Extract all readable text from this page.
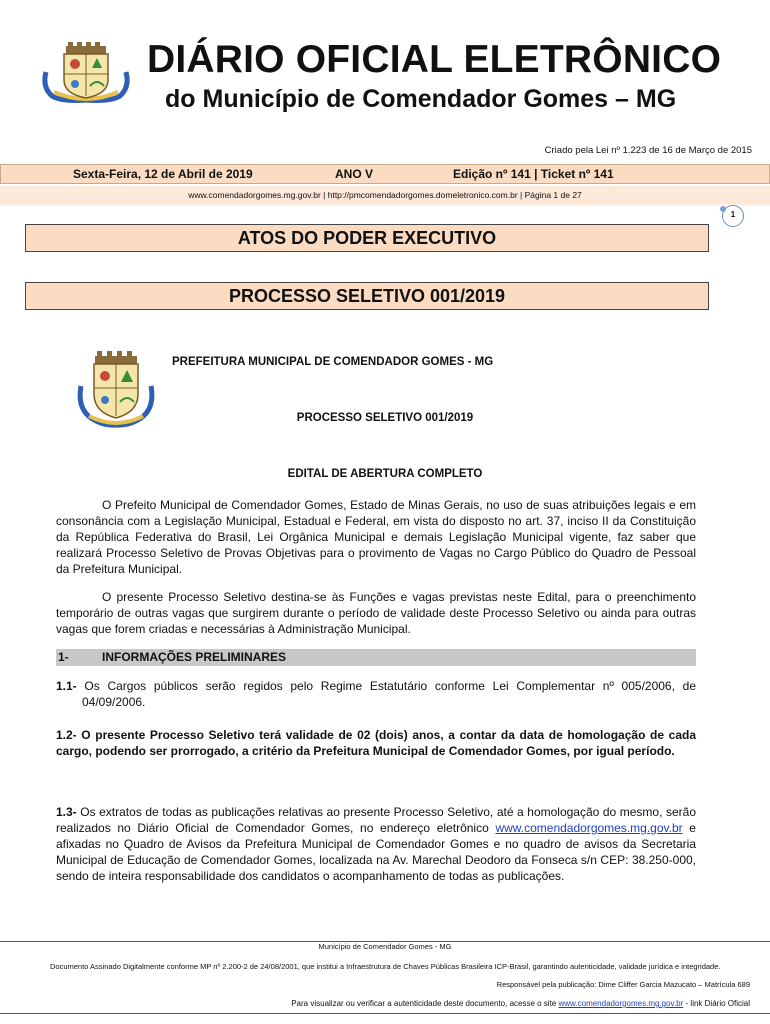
DIÁRIO OFICIAL ELETRÔNICO
do Município de Comendador Gomes – MG
Criado pela Lei nº 1.223 de 16 de Março de 2015
Sexta-Feira, 12 de Abril de 2019	ANO V	Edição nº 141 | Ticket nº 141
www.comendadorgomes.mg.gov.br | http://pmcomendadorgomes.domeletronico.com.br | Página 1 de 27
1
ATOS DO PODER EXECUTIVO
PROCESSO SELETIVO 001/2019
PREFEITURA MUNICIPAL DE COMENDADOR GOMES - MG
PROCESSO SELETIVO 001/2019
EDITAL DE ABERTURA COMPLETO
O Prefeito Municipal de Comendador Gomes, Estado de Minas Gerais, no uso de suas atribuições legais e em consonância com a Legislação Municipal, Estadual e Federal, em vista do disposto no art. 37, inciso II da Constituição da República Federativa do Brasil, Lei Orgânica Municipal e demais Legislação Municipal vigente, faz saber que realizará Processo Seletivo de Provas Objetivas para o provimento de Vagas no Cargo Público do Quadro de Pessoal da Prefeitura Municipal.
O presente Processo Seletivo destina-se às Funções e vagas previstas neste Edital, para o preenchimento temporário de outras vagas que surgirem durante o período de validade deste Processo Seletivo ou ainda para outras vagas que forem criadas e necessárias à Administração Municipal.
1-	INFORMAÇÕES PRELIMINARES
1.1- Os Cargos públicos serão regidos pelo Regime Estatutário conforme Lei Complementar nº 005/2006, de 04/09/2006.
1.2- O presente Processo Seletivo terá validade de 02 (dois) anos, a contar da data de homologação de cada cargo, podendo ser prorrogado, a critério da Prefeitura Municipal de Comendador Gomes, por igual período.
1.3- Os extratos de todas as publicações relativas ao presente Processo Seletivo, até a homologação do mesmo, serão realizados no Diário Oficial de Comendador Gomes, no endereço eletrônico www.comendadorgomes.mg.gov.br e afixadas no Quadro de Avisos da Prefeitura Municipal de Comendador Gomes e no quadro de avisos da Secretaria Municipal de Educação de Comendador Gomes, localizada na Av. Marechal Deodoro da Fonseca s/n CEP: 38.250-000, sendo de inteira responsabilidade dos candidatos o acompanhamento de todas as publicações.
Município de Comendador Gomes - MG
Documento Assinado Digitalmente conforme MP nº 2.200-2 de 24/08/2001, que institui a Infraestrutura de Chaves Públicas Brasileira ICP-Brasil, garantindo autenticidade, validade jurídica e integridade.
Responsável pela publicação: Dime Cliffer Garcia Mazucato – Matrícula 689
Para visualizar ou verificar a autenticidade deste documento, acesse o site www.comendadorgomes.mg.gov.br - link Diário Oficial
